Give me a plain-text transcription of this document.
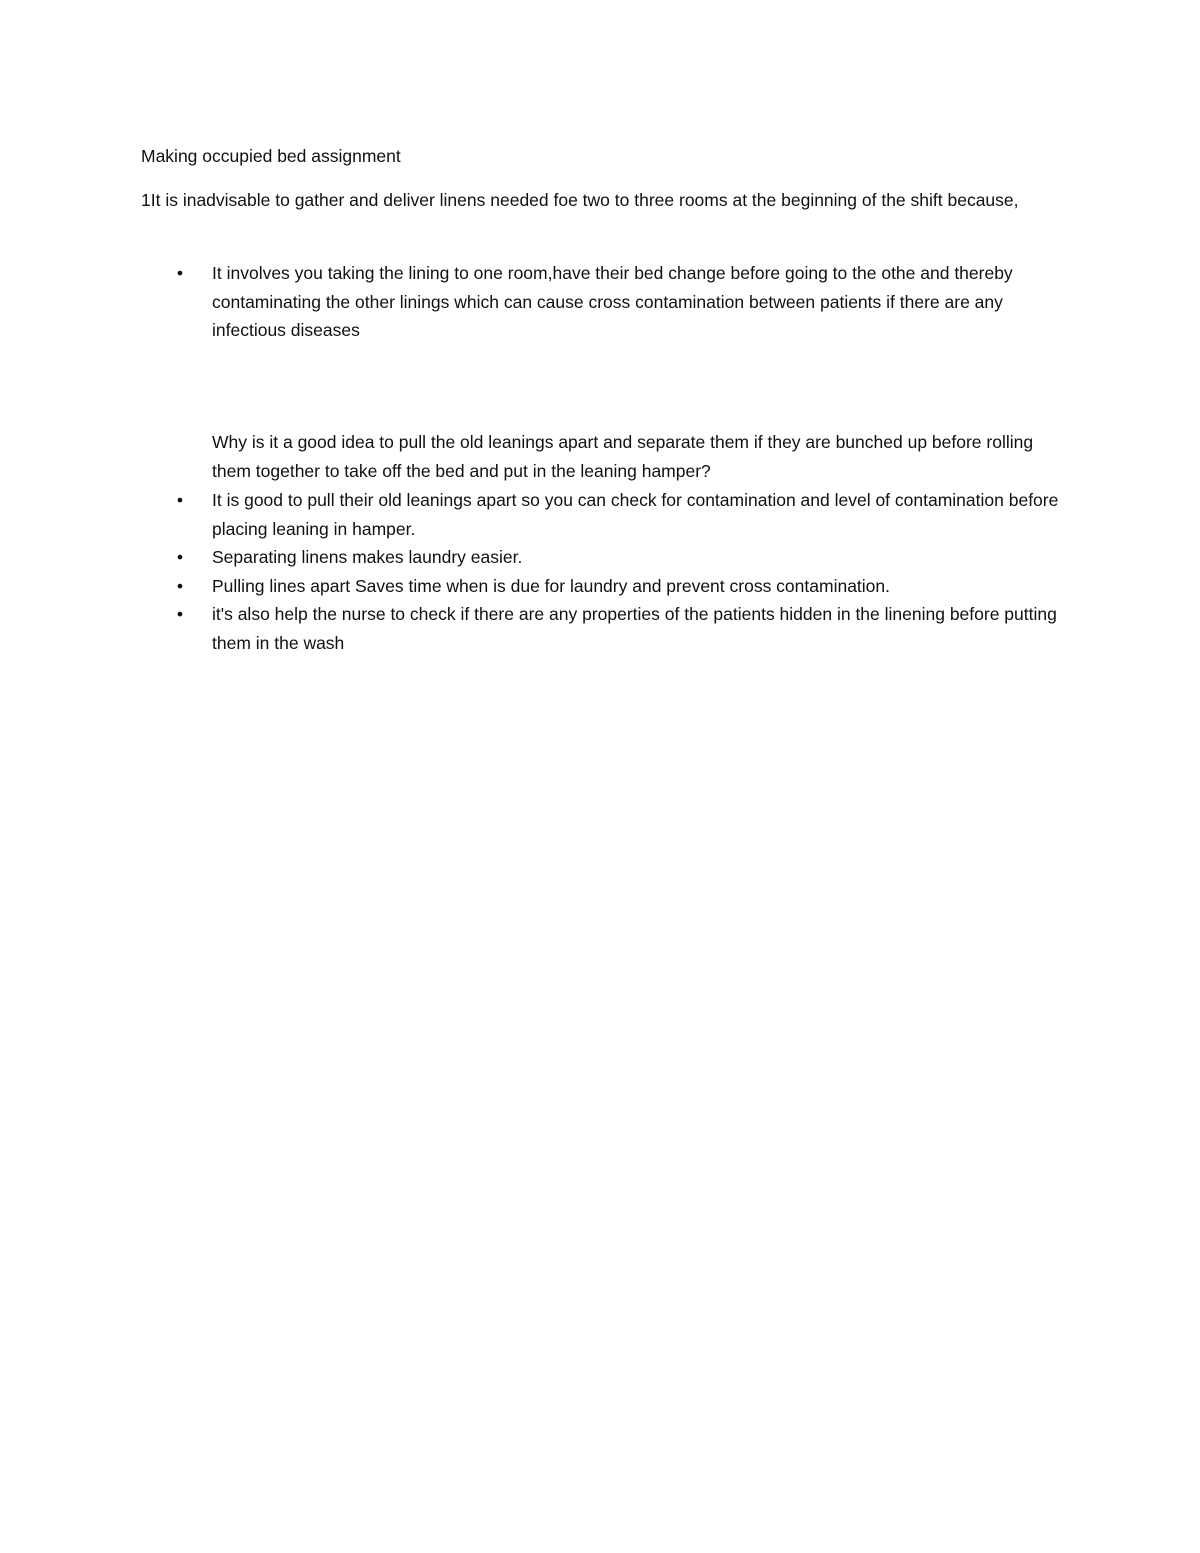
Making occupied bed assignment
1It is inadvisable to gather and deliver linens needed foe two to three rooms at the beginning of the shift because,
• It involves you taking the lining to one room,have their bed change before going to the othe and thereby contaminating the other linings which can cause cross contamination between patients if there are any infectious diseases
Why is it a good idea to pull the old leanings apart and separate them if they are bunched up before rolling them together to take off the bed and put in the leaning hamper?
• It is good to pull their old leanings apart so you can check for contamination and level of contamination before placing leaning in hamper.
• Separating linens makes laundry easier.
• Pulling lines apart Saves time when is due for laundry and prevent cross contamination.
• it's also help the nurse to check if there are any properties of the patients hidden in the linening before putting them in the wash
